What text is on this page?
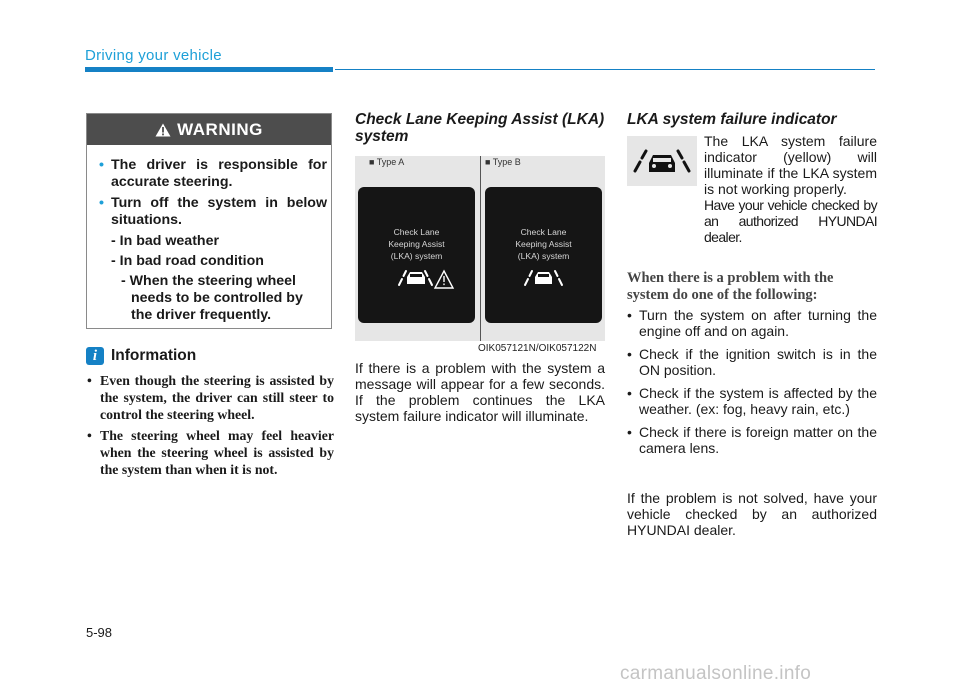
Driving your vehicle
WARNING
• The driver is responsible for accurate steering.
• Turn off the system in below situations.
- In bad weather
- In bad road condition
- When the steering wheel needs to be controlled by the driver frequently.
i Information
• Even though the steering is assisted by the system, the driver can still steer to control the steering wheel.
• The steering wheel may feel heavier when the steering wheel is assisted by the system than when it is not.
Check Lane Keeping Assist (LKA) system
■ Type A	■ Type B
Check Lane
Keeping Assist
(LKA) system
Check Lane
Keeping Assist
(LKA) system
OIK057121N/OIK057122N
If there is a problem with the system a message will appear for a few seconds. If the problem continues the LKA system failure indicator will illuminate.
LKA system failure indicator
The LKA system failure indicator (yellow) will illuminate if the LKA system is not working properly.
Have your vehicle checked by an authorized HYUNDAI dealer.
When there is a problem with the system do one of the following:
• Turn the system on after turning the engine off and on again.
• Check if the ignition switch is in the ON position.
• Check if the system is affected by the weather. (ex: fog, heavy rain, etc.)
• Check if there is foreign matter on the camera lens.
If the problem is not solved, have your vehicle checked by an authorized HYUNDAI dealer.
5-98
carmanualsonline.info
